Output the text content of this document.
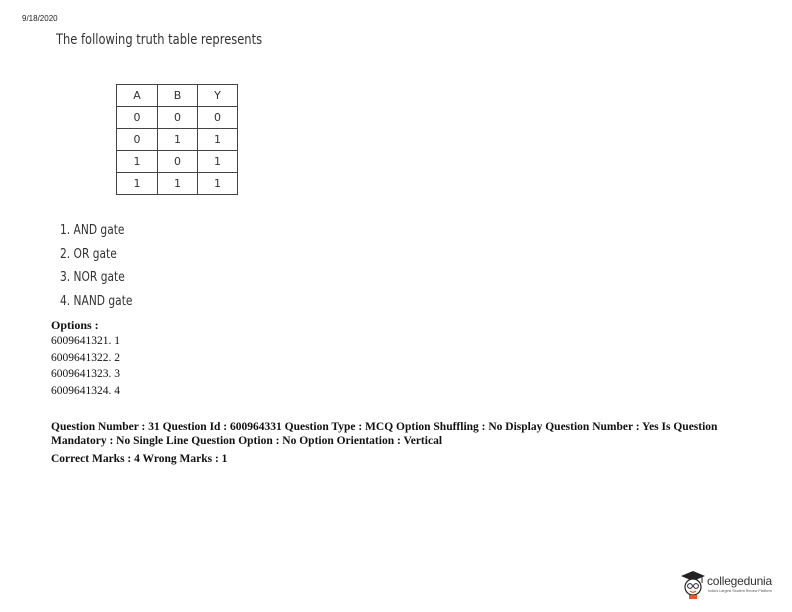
9/18/2020
The following truth table represents
A	B	Y
0	0	0
0	1	1
1	0	1
1	1	1
1. AND gate
2. OR gate
3. NOR gate
4. NAND gate
Options :
6009641321. 1
6009641322. 2
6009641323. 3
6009641324. 4
Question Number : 31 Question Id : 600964331 Question Type : MCQ Option Shuffling : No Display Question Number : Yes Is Question Mandatory : No Single Line Question Option : No Option Orientation : Vertical
Correct Marks : 4 Wrong Marks : 1
collegedunia
India's Largest Student Review Platform
